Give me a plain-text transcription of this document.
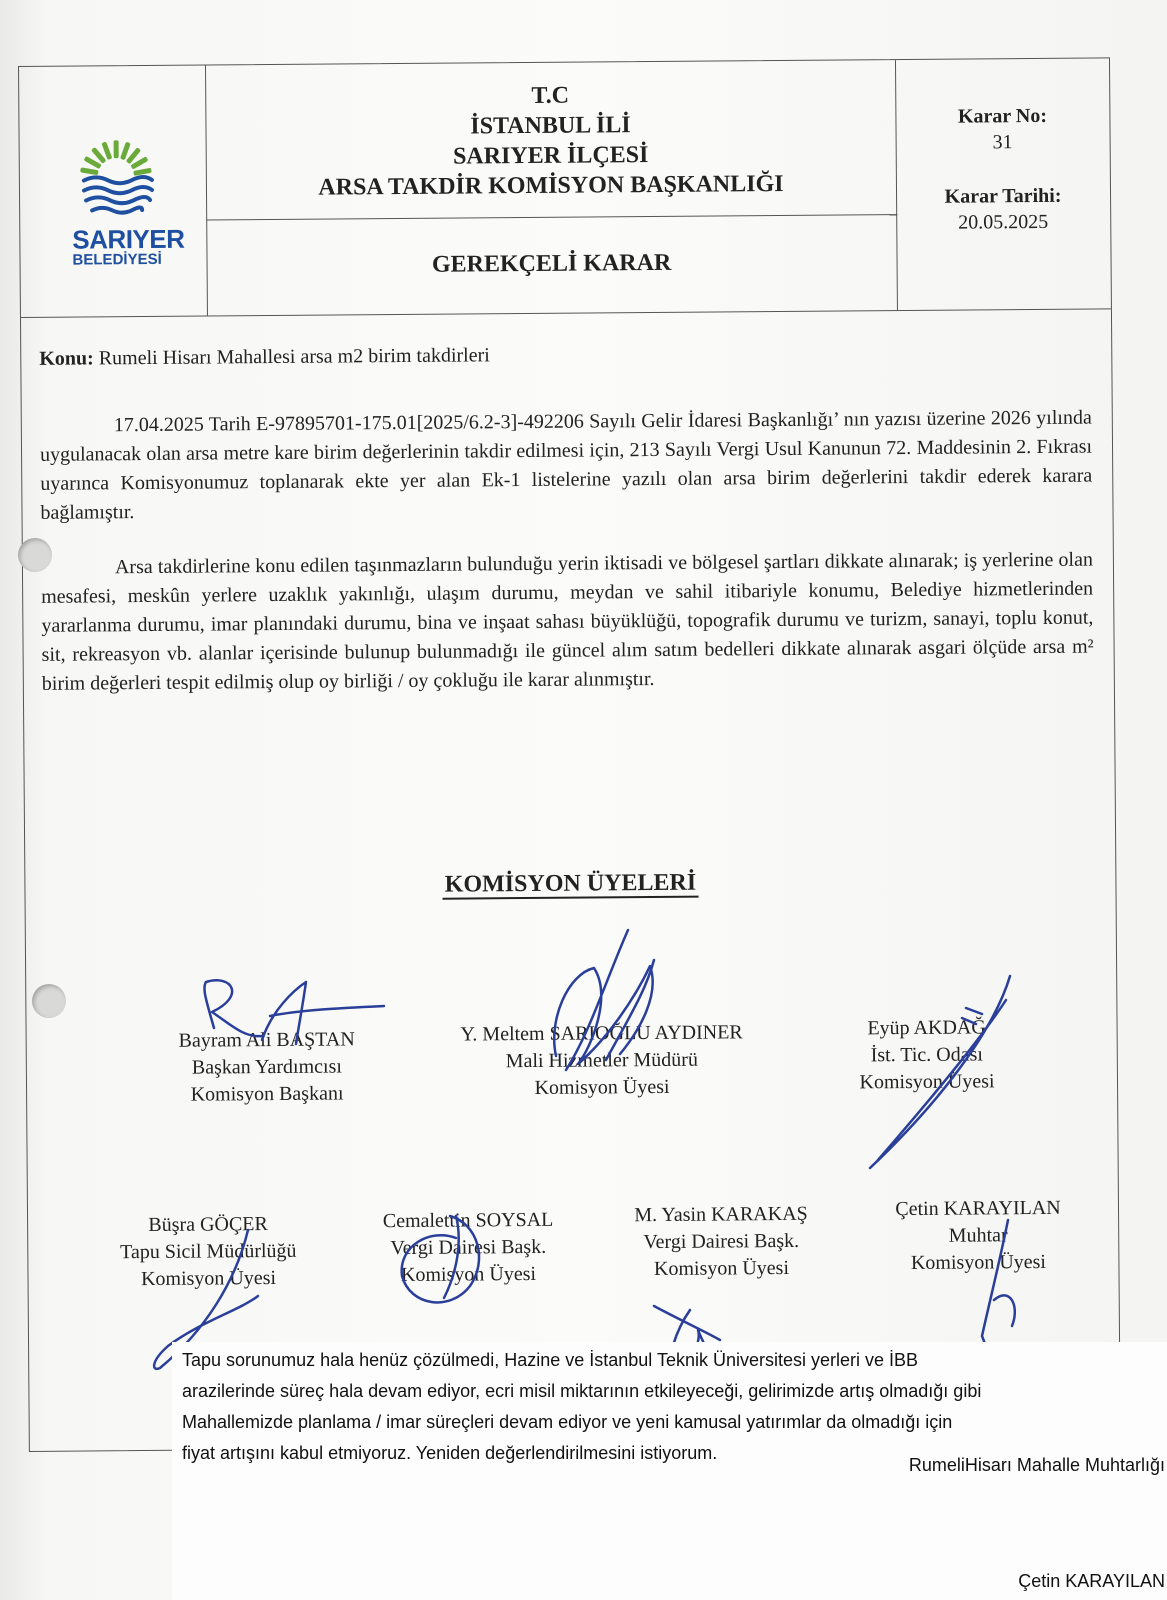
SARIYER
BELEDİYESİ
T.C
İSTANBUL İLİ
SARIYER İLÇESİ
ARSA TAKDİR KOMİSYON BAŞKANLIĞI
GEREKÇELİ KARAR
Karar No:
31
Karar Tarihi:
20.05.2025
Konu: Rumeli Hisarı Mahallesi arsa m2 birim takdirleri
17.04.2025 Tarih E-97895701-175.01[2025/6.2-3]-492206 Sayılı Gelir İdaresi Başkanlığı’ nın yazısı üzerine 2026 yılında uygulanacak olan arsa metre kare birim değerlerinin takdir edilmesi için, 213 Sayılı Vergi Usul Kanunun 72. Maddesinin 2. Fıkrası uyarınca Komisyonumuz toplanarak ekte yer alan Ek-1 listelerine yazılı olan arsa birim değerlerini takdir ederek karara bağlamıştır.
Arsa takdirlerine konu edilen taşınmazların bulunduğu yerin iktisadi ve bölgesel şartları dikkate alınarak; iş yerlerine olan mesafesi, meskûn yerlere uzaklık yakınlığı, ulaşım durumu, meydan ve sahil itibariyle konumu, Belediye hizmetlerinden yararlanma durumu, imar planındaki durumu, bina ve inşaat sahası büyüklüğü, topografik durumu ve turizm, sanayi, toplu konut, sit, rekreasyon vb. alanlar içerisinde bulunup bulunmadığı ile güncel alım satım bedelleri dikkate alınarak asgari ölçüde arsa m² birim değerleri tespit edilmiş olup oy birliği / oy çokluğu ile karar alınmıştır.
KOMİSYON ÜYELERİ
Bayram Ali BAŞTAN
Başkan Yardımcısı
Komisyon Başkanı
Y. Meltem SARIOĞLU AYDINER
Mali Hizmetler Müdürü
Komisyon Üyesi
Eyüp AKDAĞ
İst. Tic. Odası
Komisyon Üyesi
Büşra GÖÇER
Tapu Sicil Müdürlüğü
Komisyon Üyesi
Cemalettin SOYSAL
Vergi Dairesi Başk.
Komisyon Üyesi
M. Yasin KARAKAŞ
Vergi Dairesi Başk.
Komisyon Üyesi
Çetin KARAYILAN
Muhtar
Komisyon Üyesi
Tapu sorunumuz hala henüz çözülmedi, Hazine ve İstanbul Teknik Üniversitesi yerleri ve İBB
arazilerinde süreç hala devam ediyor, ecri misil miktarının etkileyeceği, gelirimizde artış olmadığı gibi
Mahallemizde planlama / imar süreçleri devam ediyor ve yeni kamusal yatırımlar da olmadığı için
fiyat artışını kabul etmiyoruz. Yeniden değerlendirilmesini istiyorum.
RumeliHisarı Mahalle Muhtarlığı
Çetin KARAYILAN
